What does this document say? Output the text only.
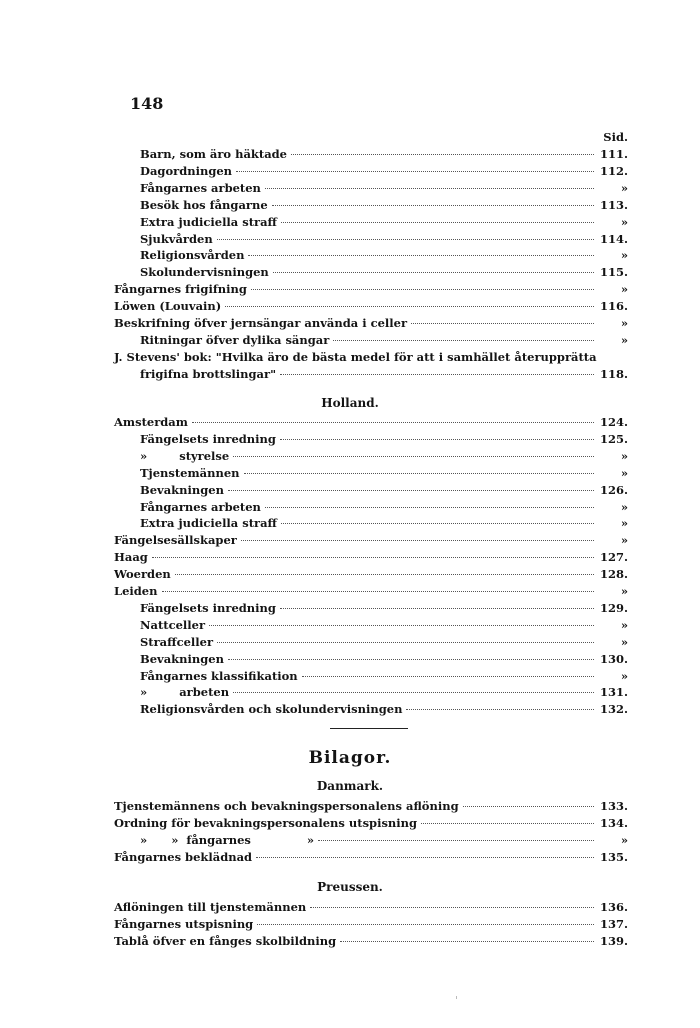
148
Sid.
Barn, som äro häktade	111.
Dagordningen	112.
Fångarnes arbeten	»
Besök hos fångarne	113.
Extra judiciella straff	»
Sjukvården	114.
Religionsvården	»
Skolundervisningen	115.
Fångarnes frigifning	»
Löwen (Louvain)	116.
Beskrifning öfver jernsängar använda i celler	»
Ritningar öfver dylika sängar	»
J. Stevens' bok: "Hvilka äro de bästa medel för att i samhället återupprätta
frigifna brottslingar"	118.
Holland.
Amsterdam	124.
Fängelsets inredning	125.
»        styrelse	»
Tjenstemännen	»
Bevakningen	126.
Fångarnes arbeten	»
Extra judiciella straff	»
Fängelsesällskaper	»
Haag	127.
Woerden	128.
Leiden	»
Fängelsets inredning	129.
Nattceller	»
Straffceller	»
Bevakningen	130.
Fångarnes klassifikation	»
»        arbeten	131.
Religionsvården och skolundervisningen	132.
Bilagor.
Danmark.
Tjenstemännens och bevakningspersonalens aflöning	133.
Ordning för bevakningspersonalens utspisning	134.
»      »  fångarnes              »	»
Fångarnes beklädnad	135.
Preussen.
Aflöningen till tjenstemännen	136.
Fångarnes utspisning	137.
Tablå öfver en fånges skolbildning	139.
